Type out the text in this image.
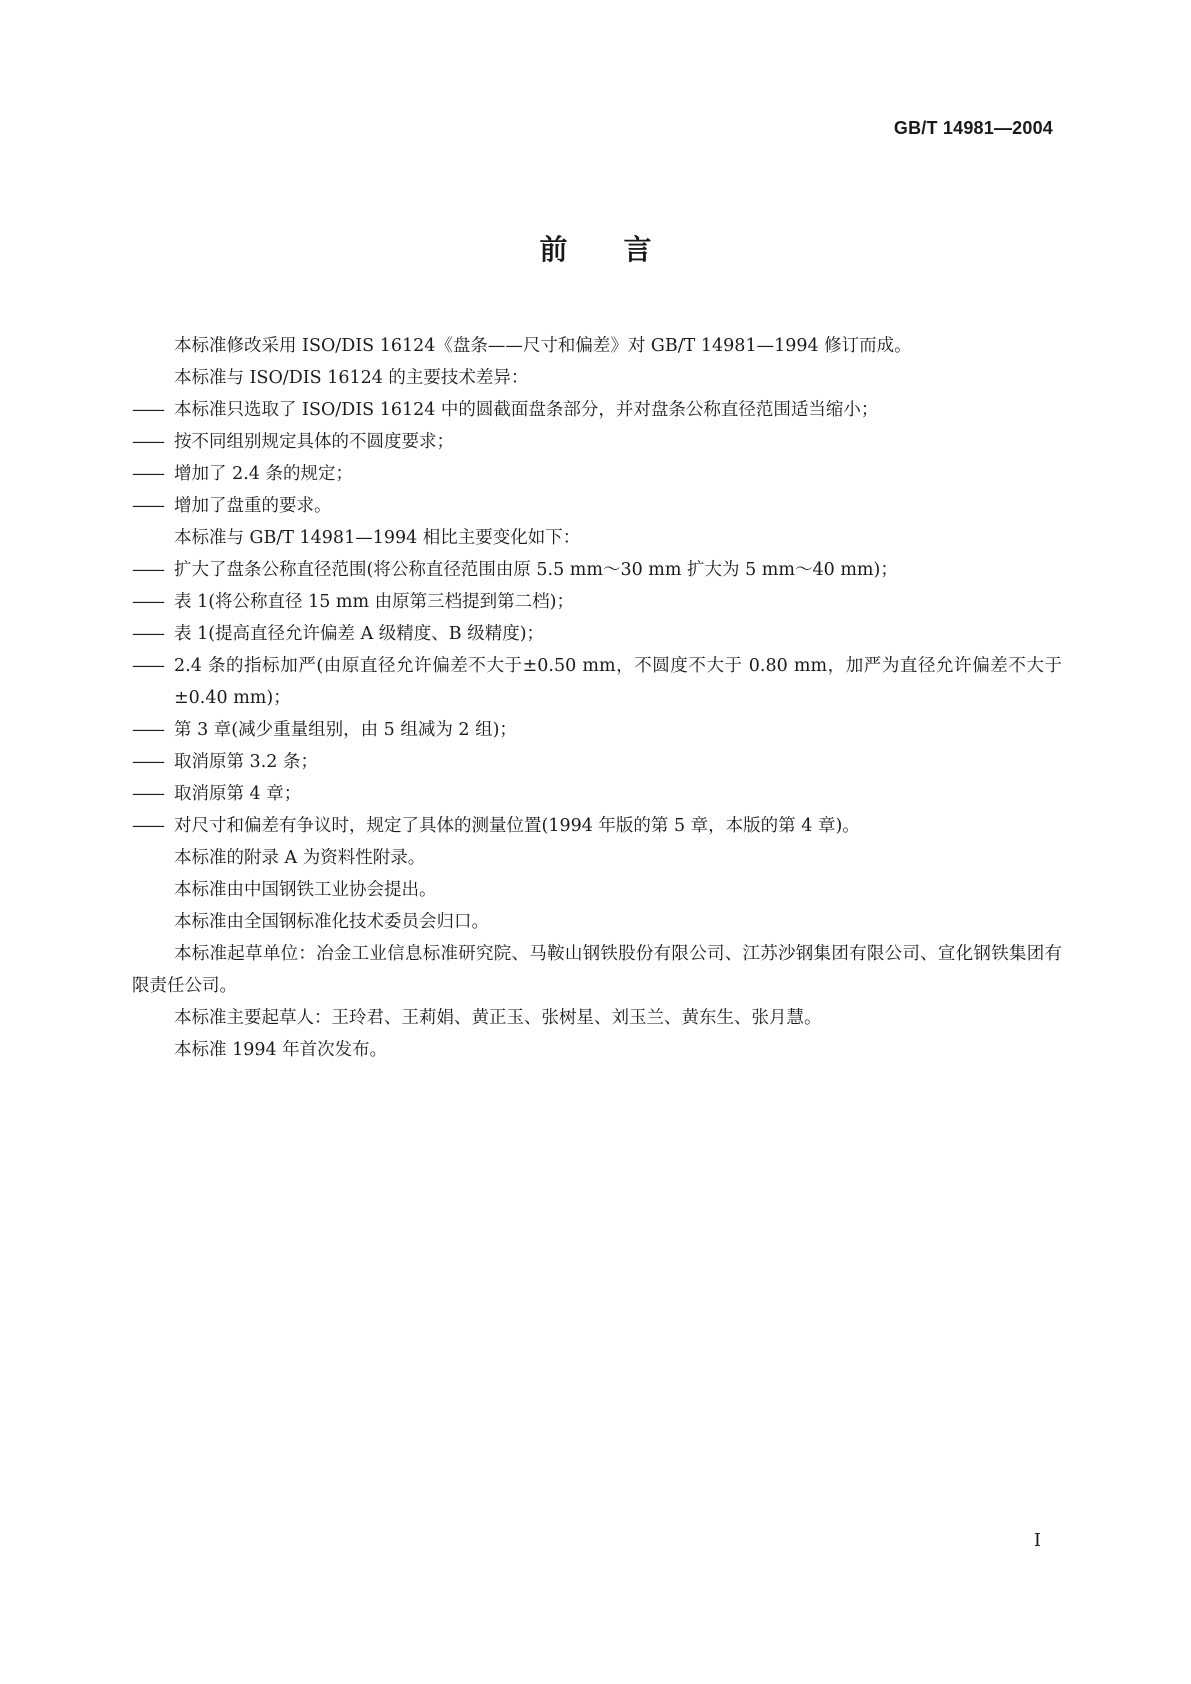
GB/T 14981—2004
前言

本标准修改采用 ISO/DIS 16124《盘条——尺寸和偏差》对 GB/T 14981—1994 修订而成。

本标准与 ISO/DIS 16124 的主要技术差异：

—— 本标准只选取了 ISO/DIS 16124 中的圆截面盘条部分，并对盘条公称直径范围适当缩小；

—— 按不同组别规定具体的不圆度要求；

—— 增加了 2.4 条的规定；

—— 增加了盘重的要求。

本标准与 GB/T 14981—1994 相比主要变化如下：

—— 扩大了盘条公称直径范围(将公称直径范围由原 5.5 mm～30 mm 扩大为 5 mm～40 mm)；

—— 表 1(将公称直径 15 mm 由原第三档提到第二档)；

—— 表 1(提高直径允许偏差 A 级精度、B 级精度)；

—— 2.4 条的指标加严(由原直径允许偏差不大于±0.50 mm，不圆度不大于 0.80 mm，加严为直径允许偏差不大于±0.40 mm)；

—— 第 3 章(减少重量组别，由 5 组减为 2 组)；

—— 取消原第 3.2 条；

—— 取消原第 4 章；

—— 对尺寸和偏差有争议时，规定了具体的测量位置(1994 年版的第 5 章，本版的第 4 章)。

本标准的附录 A 为资料性附录。

本标准由中国钢铁工业协会提出。

本标准由全国钢标准化技术委员会归口。

本标准起草单位：冶金工业信息标准研究院、马鞍山钢铁股份有限公司、江苏沙钢集团有限公司、宣化钢铁集团有限责任公司。

本标准主要起草人：王玲君、王莉娟、黄正玉、张树星、刘玉兰、黄东生、张月慧。

本标准 1994 年首次发布。

I
